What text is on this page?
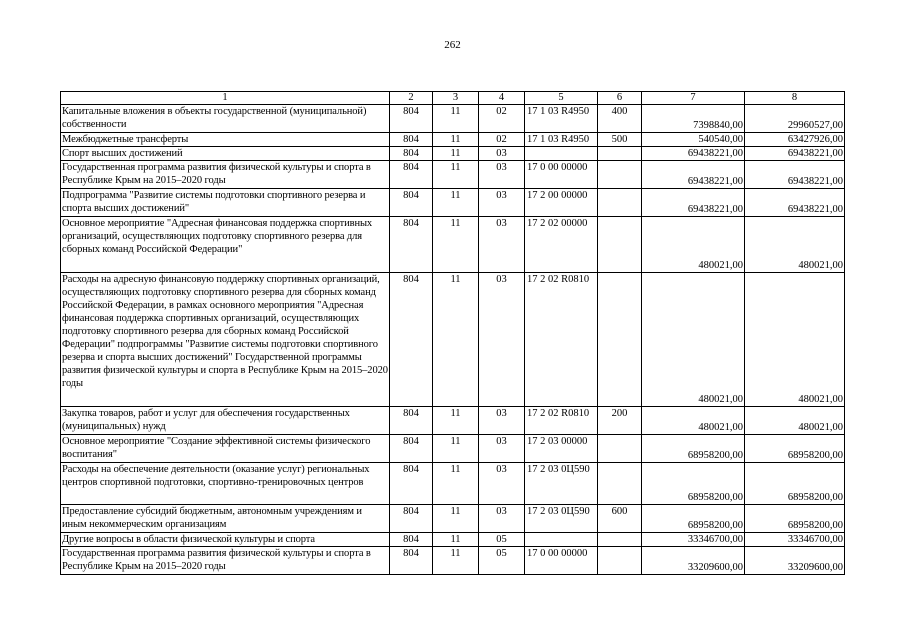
262
1	2	3	4	5	6	7	8
Капитальные вложения в объекты государственной (муниципальной) собственности	804	11	02	17 1 03 R4950	400	7398840,00	29960527,00
Межбюджетные трансферты	804	11	02	17 1 03 R4950	500	540540,00	63427926,00
Спорт высших достижений	804	11	03			69438221,00	69438221,00
Государственная программа развития физической культуры и спорта в Республике Крым на 2015–2020 годы	804	11	03	17 0 00 00000		69438221,00	69438221,00
Подпрограмма "Развитие системы подготовки спортивного резерва и спорта высших достижений"	804	11	03	17 2 00 00000		69438221,00	69438221,00
Основное мероприятие "Адресная финансовая поддержка спортивных организаций, осуществляющих подготовку спортивного резерва для сборных команд Российской Федерации"	804	11	03	17 2 02 00000		480021,00	480021,00
Расходы на адресную финансовую поддержку спортивных организаций, осуществляющих подготовку спортивного резерва для сборных команд Российской Федерации, в рамках основного мероприятия "Адресная финансовая поддержка спортивных организаций, осуществляющих подготовку спортивного резерва для сборных команд Российской Федерации" подпрограммы "Развитие системы подготовки спортивного резерва и спорта высших достижений" Государственной программы развития физической культуры и спорта в Республике Крым на 2015–2020 годы	804	11	03	17 2 02 R0810		480021,00	480021,00
Закупка товаров, работ и услуг для обеспечения государственных (муниципальных) нужд	804	11	03	17 2 02 R0810	200	480021,00	480021,00
Основное мероприятие "Создание эффективной системы физического воспитания"	804	11	03	17 2 03 00000		68958200,00	68958200,00
Расходы на обеспечение деятельности (оказание услуг) региональных центров спортивной подготовки, спортивно-тренировочных центров	804	11	03	17 2 03 0Ц590		68958200,00	68958200,00
Предоставление субсидий бюджетным, автономным учреждениям и иным некоммерческим организациям	804	11	03	17 2 03 0Ц590	600	68958200,00	68958200,00
Другие вопросы в области физической культуры и спорта	804	11	05			33346700,00	33346700,00
Государственная программа развития физической культуры и спорта в Республике Крым на 2015–2020 годы	804	11	05	17 0 00 00000		33209600,00	33209600,00
